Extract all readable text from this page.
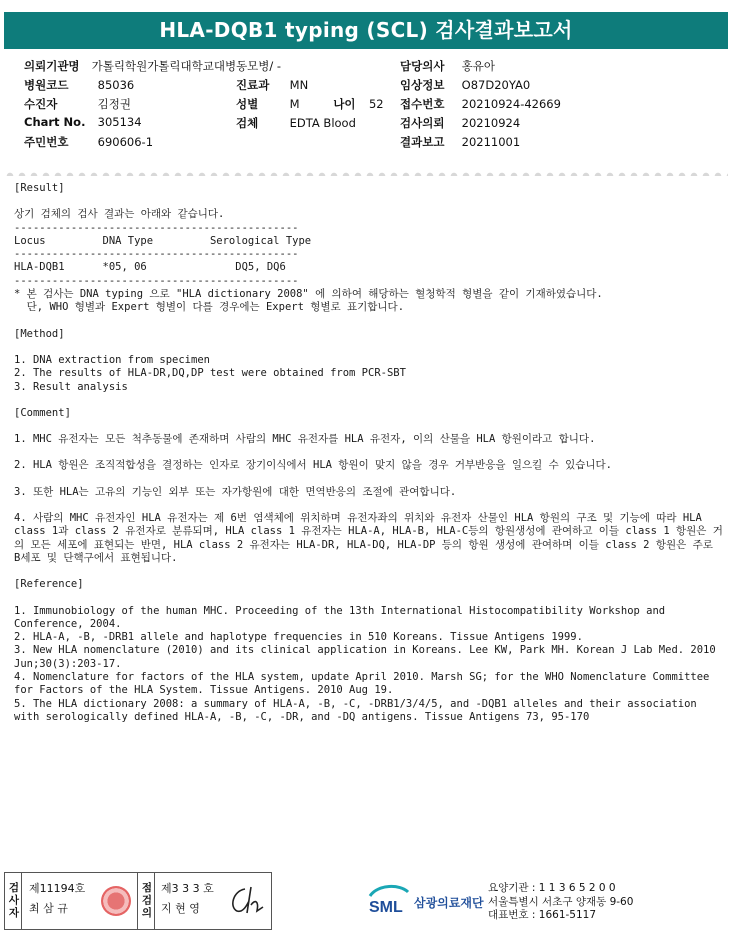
HLA-DQB1 typing (SCL) 검사결과보고서
의뢰기관명 가톨릭학원가톨릭대학교대병동모병/ -	담당의사 홍유아
병원코드	85036	진료과 MN	임상정보 O87D20YA0
수진자	김정권	성별	M	나이 52 접수번호 20210924-42669
Chart No. 305134	검체	EDTA Blood	검사의뢰 20210924
주민번호	690606-1	결과보고 20211001

[Result]

상기 검체의 검사 결과는 아래와 같습니다.

---------------------------------------------

Locus         DNA Type         Serological Type

---------------------------------------------

HLA-DQB1      *05, 06              DQ5, DQ6

---------------------------------------------

* 본 검사는 DNA typing 으로 "HLA dictionary 2008" 에 의하여 해당하는 혈청학적 형별을 같이 기재하였습니다.

단, WHO 형별과 Expert 형별이 다를 경우에는 Expert 형별로 표기합니다.

[Method]

1. DNA extraction from specimen

2. The results of HLA-DR,DQ,DP test were obtained from PCR-SBT

3. Result analysis

[Comment]

1. MHC 유전자는 모든 척추동물에 존재하며 사람의 MHC 유전자를 HLA 유전자, 이의 산물을 HLA 항원이라고 합니다.

2. HLA 항원은 조직적합성을 결정하는 인자로 장기이식에서 HLA 항원이 맞지 않을 경우 거부반응을 일으킬 수 있습니다.

3. 또한 HLA는 고유의 기능인 외부 또는 자가항원에 대한 면역반응의 조절에 관여합니다.

4. 사람의 MHC 유전자인 HLA 유전자는 제 6번 염색체에 위치하며 유전자좌의 위치와 유전자 산물인 HLA 항원의 구조 및 기능에 따라 HLA class 1과 class 2 유전자로 분류되며, HLA class 1 유전자는 HLA-A, HLA-B, HLA-C등의 항원생성에 관여하고 이들 class 1 항원은 거의 모든 세포에 표현되는 반면, HLA class 2 유전자는 HLA-DR, HLA-DQ, HLA-DP 등의 항원 생성에 관여하며 이들 class 2 항원은 주로 B세포 및 단핵구에서 표현됩니다.

[Reference]

1. Immunobiology of the human MHC. Proceeding of the 13th International Histocompatibility Workshop and Conference, 2004.

2. HLA-A, -B, -DRB1 allele and haplotype frequencies in 510 Koreans. Tissue Antigens 1999.

3. New HLA nomenclature (2010) and its clinical application in Koreans. Lee KW, Park MH. Korean J Lab Med. 2010 Jun;30(3):203-17.

4. Nomenclature for factors of the HLA system, update April 2010. Marsh SG; for the WHO Nomenclature Committee for Factors of the HLA System. Tissue Antigens. 2010 Aug 19.

5. The HLA dictionary 2008: a summary of HLA-A, -B, -C, -DRB1/3/4/5, and -DQB1 alleles and their association with serologically defined HLA-A, -B, -C, -DR, and -DQ antigens. Tissue Antigens 73, 95-170

검사자 제11194호
최 삼 규	점검의 제3 3 3 호
지 현 영	SML 삼광의료재단
요양기관 : 1 1 3 6 5 2 0 0
서울특별시 서초구 양재동 9-60
대표번호 : 1661-5117
